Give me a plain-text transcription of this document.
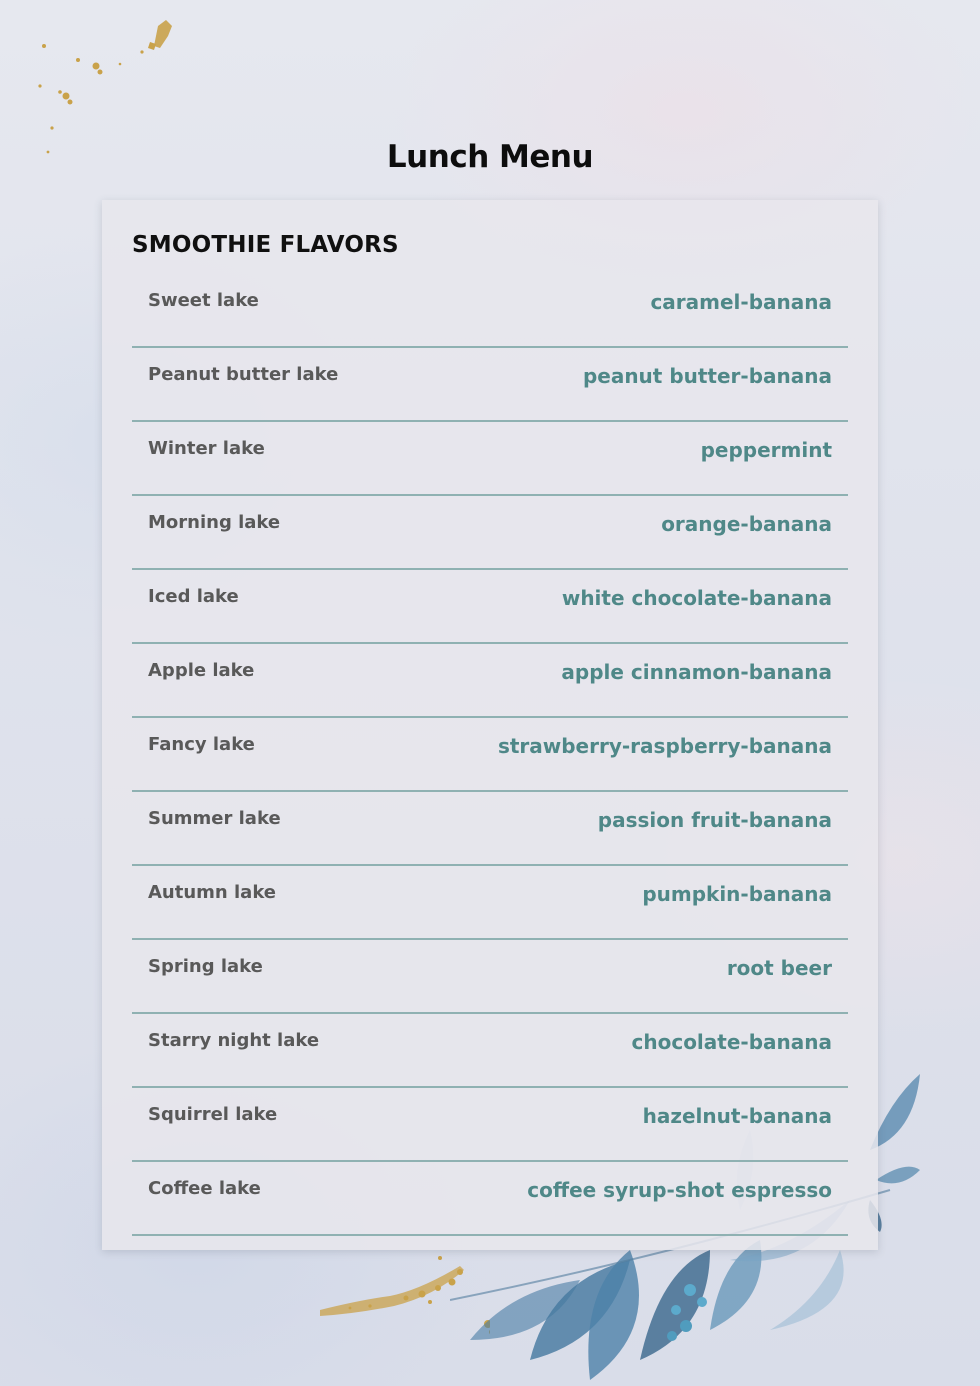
Lunch Menu
SMOOTHIE FLAVORS
Sweet lake	caramel-banana
Peanut butter lake	peanut butter-banana
Winter lake	peppermint
Morning lake	orange-banana
Iced lake	white chocolate-banana
Apple lake	apple cinnamon-banana
Fancy lake	strawberry-raspberry-banana
Summer lake	passion fruit-banana
Autumn lake	pumpkin-banana
Spring lake	root beer
Starry night lake	chocolate-banana
Squirrel lake	hazelnut-banana
Coffee lake	coffee syrup-shot espresso
